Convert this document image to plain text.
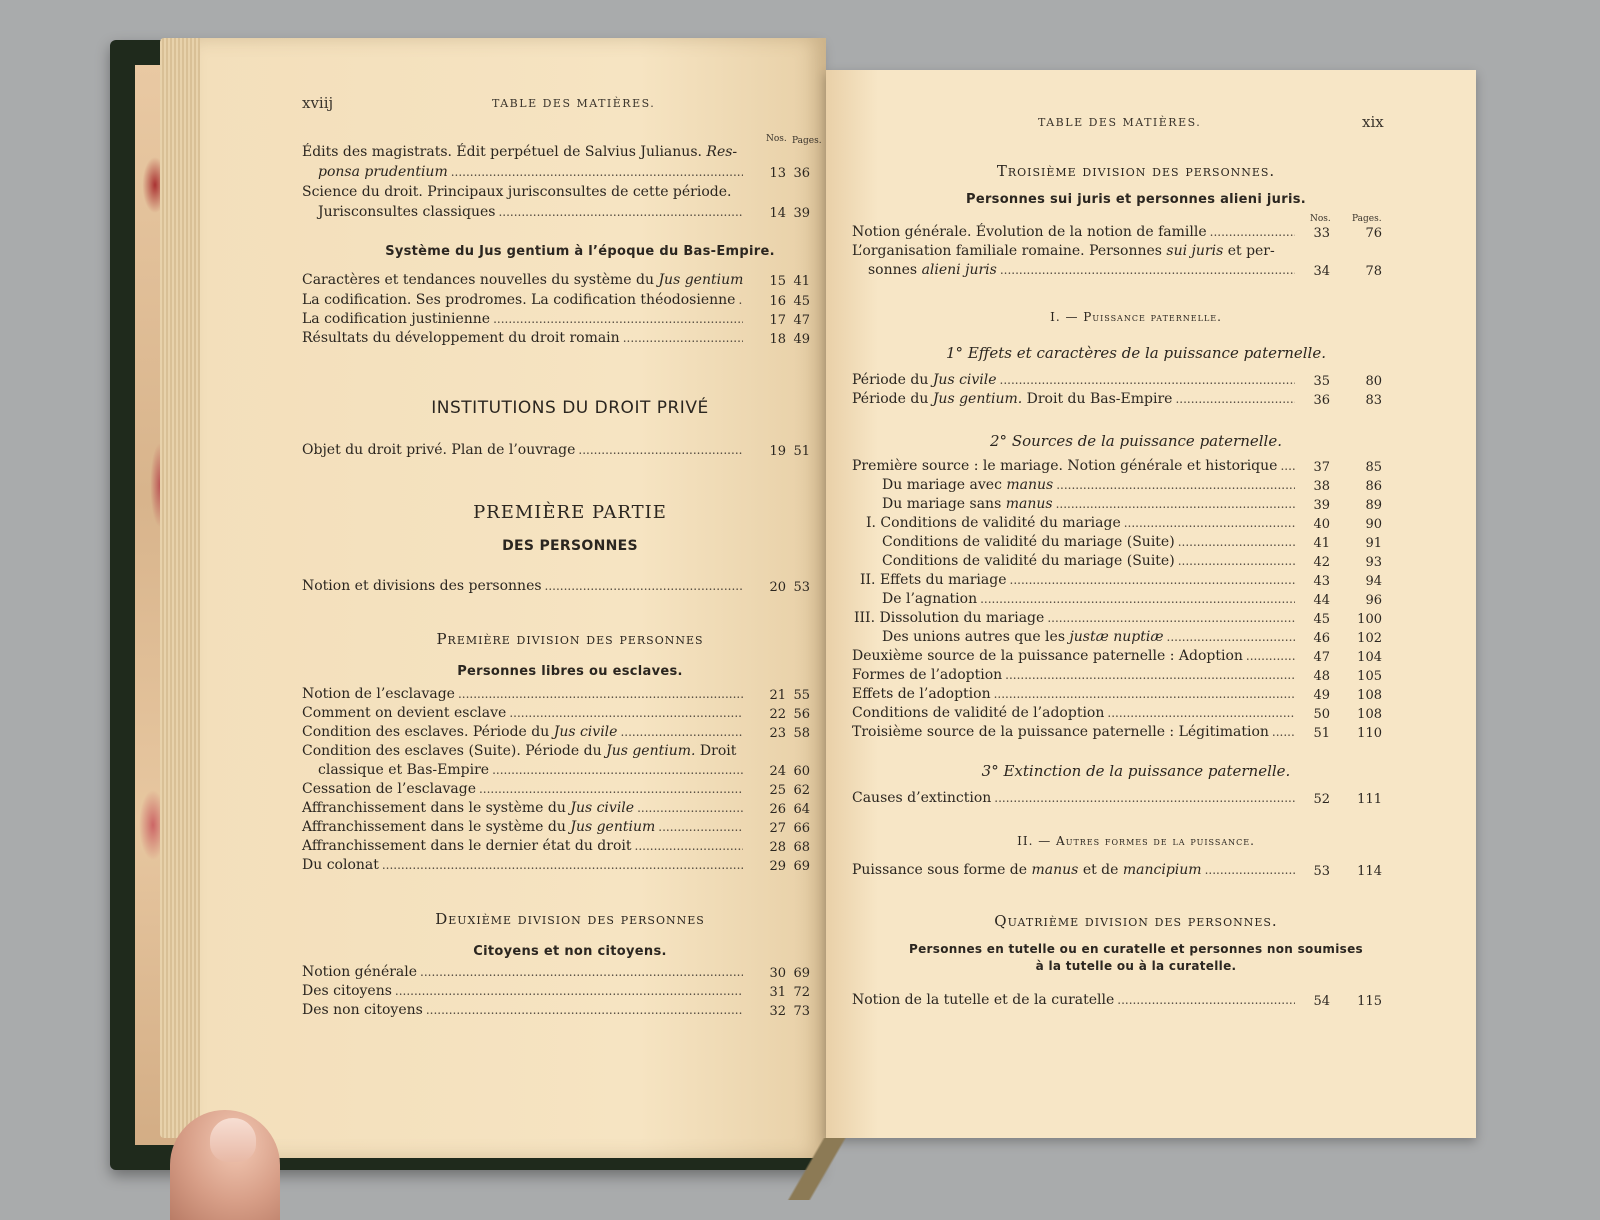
xviij	TABLE DES MATIÈRES.
Nos. Pages.
Édits des magistrats. Édit perpétuel de Salvius Julianus. Res-
ponsa prudentium .....	13 36
Science du droit. Principaux jurisconsultes de cette période.
Jurisconsultes classiques .....	14 39
Système du Jus gentium à l’époque du Bas-Empire.
Caractères et tendances nouvelles du système du
Jus gentium	15 41
La codification. Ses prodromes. La codification théodosienne .....	16 45
La codification justinienne .....	17 47
Résultats du développement du droit romain .....	18 49
INSTITUTIONS DU DROIT PRIVÉ
Objet du droit privé. Plan de l’ouvrage .....	19 51
PREMIÈRE PARTIE
DES PERSONNES
Notion et divisions des personnes .....	20 53
Première division des personnes
Personnes libres ou esclaves.
Notion de l’esclavage .....	21 55
Comment on devient esclave .....	22 56
Condition des esclaves. Période du
Jus civile .....	23 58
Condition des esclaves (Suite). Période du Jus gentium. Droit
classique et Bas-Empire .....	24 60
Cessation de l’esclavage .....	25 62
Affranchissement dans le système du
Jus civile .....	26 64
Affranchissement dans le système du
Jus gentium .....	27 66
Affranchissement dans le dernier état du droit .....	28 68
Du colonat .....	29 69
Deuxième division des personnes
Citoyens et non citoyens.
Notion générale .....	30 69
Des citoyens .....	31 72
Des non citoyens .....	32 73
TABLE DES MATIÈRES.	xix
Troisième division des personnes.
Personnes sui juris et personnes alieni juris.
Nos. Pages.
Notion générale. Évolution de la notion de famille .....	33	76
L’organisation familiale romaine. Personnes sui juris et per-
sonnes
alieni juris .....	34	78
I. — Puissance paternelle.
1° Effets et caractères de la puissance paternelle.
Période du
Jus civile .....	35	80
Période du
Jus gentium.
Droit du Bas-Empire .....	36	83
2° Sources de la puissance paternelle.
Première source : le mariage. Notion générale et historique .....	37	85
Du mariage avec
manus .....	38	86
Du mariage sans
manus .....	39	89
I. Conditions de validité du mariage .....	40	90
Conditions de validité du mariage (Suite) .....	41	91
Conditions de validité du mariage (Suite) .....	42	93
II. Effets du mariage .....	43	94
De l’agnation .....	44	96
III. Dissolution du mariage .....	45	100
Des unions autres que les
justæ nuptiæ .....	46	102
Deuxième source de la puissance paternelle : Adoption .....	47	104
Formes de l’adoption .....	48	105
Effets de l’adoption .....	49	108
Conditions de validité de l’adoption .....	50	108
Troisième source de la puissance paternelle : Légitimation .....	51	110
3° Extinction de la puissance paternelle.
Causes d’extinction .....	52	111
II. — Autres formes de la puissance.
Puissance sous forme de
manus
et de
mancipium .....	53	114
Quatrième division des personnes.
Personnes en tutelle ou en curatelle et personnes non soumises
à la tutelle ou à la curatelle.
Notion de la tutelle et de la curatelle .....	54	115
